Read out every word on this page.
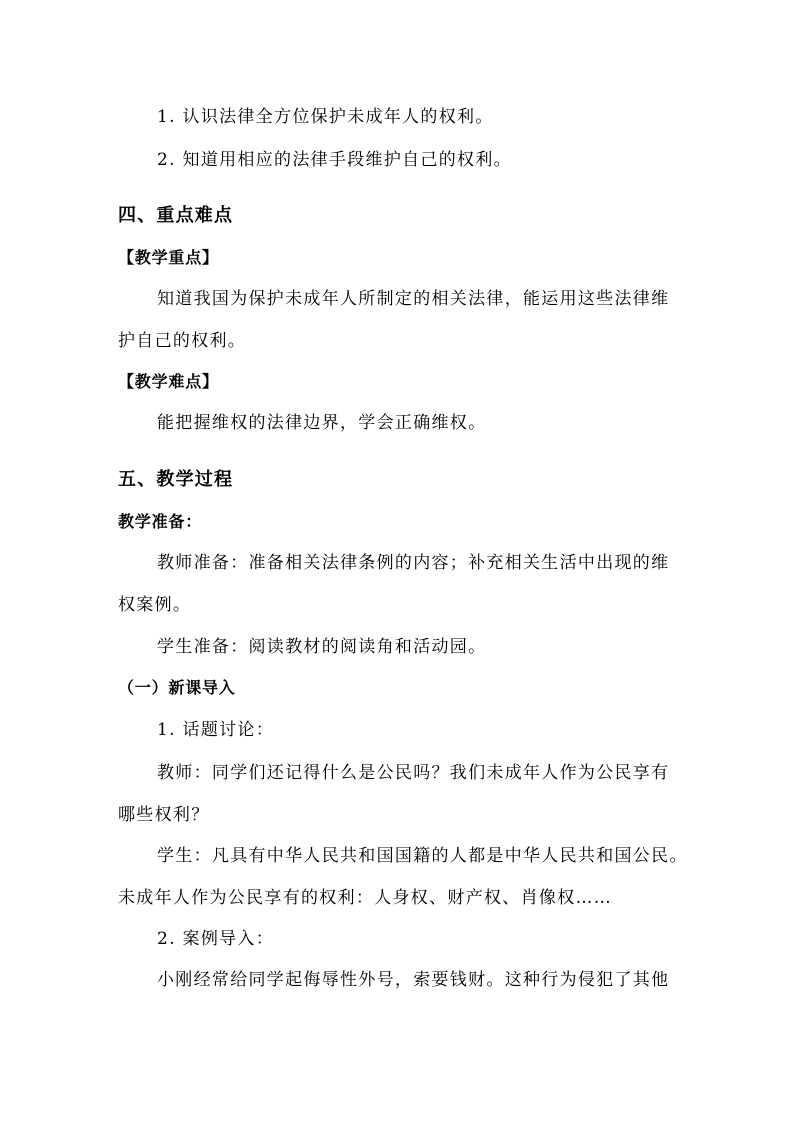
1. 认识法律全方位保护未成年人的权利。
2. 知道用相应的法律手段维护自己的权利。
四、重点难点
【教学重点】
知道我国为保护未成年人所制定的相关法律，能运用这些法律维
护自己的权利。
【教学难点】
能把握维权的法律边界，学会正确维权。
五、教学过程
教学准备：
教师准备：准备相关法律条例的内容；补充相关生活中出现的维
权案例。
学生准备：阅读教材的阅读角和活动园。
（一）新课导入
1. 话题讨论：
教师：同学们还记得什么是公民吗？我们未成年人作为公民享有
哪些权利？
学生：凡具有中华人民共和国国籍的人都是中华人民共和国公民。
未成年人作为公民享有的权利：人身权、财产权、肖像权……
2. 案例导入：
小刚经常给同学起侮辱性外号，索要钱财。这种行为侵犯了其他
